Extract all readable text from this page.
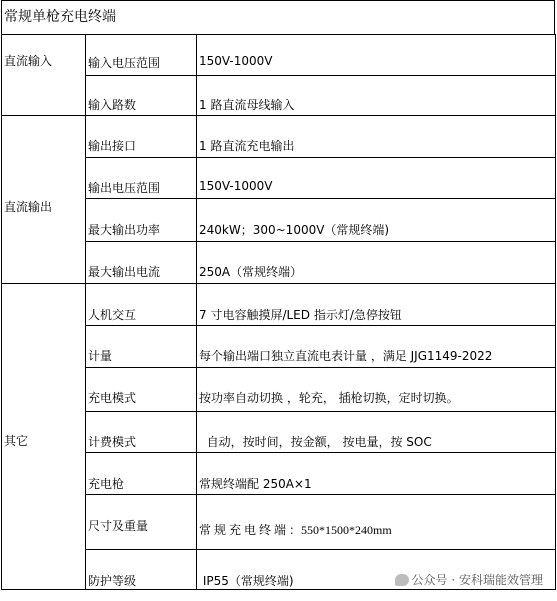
常规单枪充电终端
直流输入	输入电压范围	150V-1000V

	输入路数	1 路直流母线输入

直流输出	输出接口	1 路直流充电输出

	输出电压范围	150V-1000V

	最大输出功率	240kW；300~1000V（常规终端)

	最大输出电流	250A（常规终端）

其它	人机交互	7 寸电容触摸屏/LED 指示灯/急停按钮

	计量	每个输出端口独立直流电表计量 ，满足 JJG1149-2022

	充电模式	按功率自动切换 ，轮充， 插枪切换，定时切换。

	计费模式	自动，按时间，按金额， 按电量，按 SOC

	充电枪	常规终端配 250A×1

	尺寸及重量	常 规 充 电 终 端 ：550*1500*240mm

	防护等级	IP55（常规终端)	公众号 · 安科瑞能效管理
